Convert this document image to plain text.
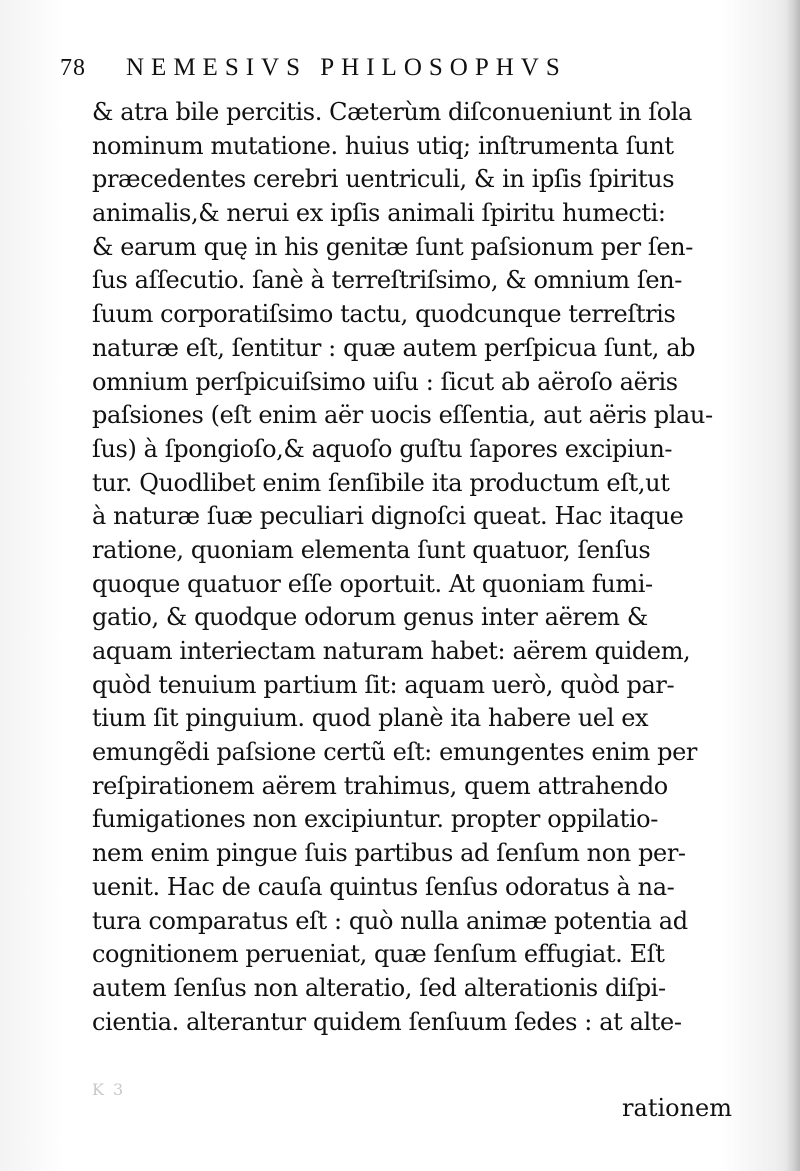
78 NEMESIVS PHILOSOPHVS
& atra bile percitis. Cæterùm diſconueniunt in ſola
nominum mutatione. huius utiq; inſtrumenta ſunt
præcedentes cerebri uentriculi, & in ipſis ſpiritus
animalis,& nerui ex ipſis animali ſpiritu humecti:
& earum quę in his genitæ ſunt paſsionum per ſen-
ſus aſſecutio. ſanè à terreſtriſsimo, & omnium ſen-
ſuum corporatiſsimo tactu, quodcunque terreſtris
naturæ eſt, ſentitur : quæ autem perſpicua ſunt, ab
omnium perſpicuiſsimo uiſu : ſicut ab aëroſo aëris
paſsiones (eſt enim aër uocis eſſentia, aut aëris plau-
ſus) à ſpongioſo,& aquoſo guſtu ſapores excipiun-
tur. Quodlibet enim ſenſibile ita productum eſt,ut
à naturæ ſuæ peculiari dignoſci queat. Hac itaque
ratione, quoniam elementa ſunt quatuor, ſenſus
quoque quatuor eſſe oportuit. At quoniam fumi-
gatio, & quodque odorum genus inter aërem &
aquam interiectam naturam habet: aërem quidem,
quòd tenuium partium ſit: aquam uerò, quòd par-
tium ſit pinguium. quod planè ita habere uel ex
emungẽdi paſsione certũ eſt: emungentes enim per
reſpirationem aërem trahimus, quem attrahendo
fumigationes non excipiuntur. propter oppilatio-
nem enim pingue ſuis partibus ad ſenſum non per-
uenit. Hac de cauſa quintus ſenſus odoratus à na-
tura comparatus eſt : quò nulla animæ potentia ad
cognitionem perueniat, quæ ſenſum effugiat. Eſt
autem ſenſus non alteratio, ſed alterationis diſpi-
cientia. alterantur quidem ſenſuum ſedes : at alte-
K 3
rationem
